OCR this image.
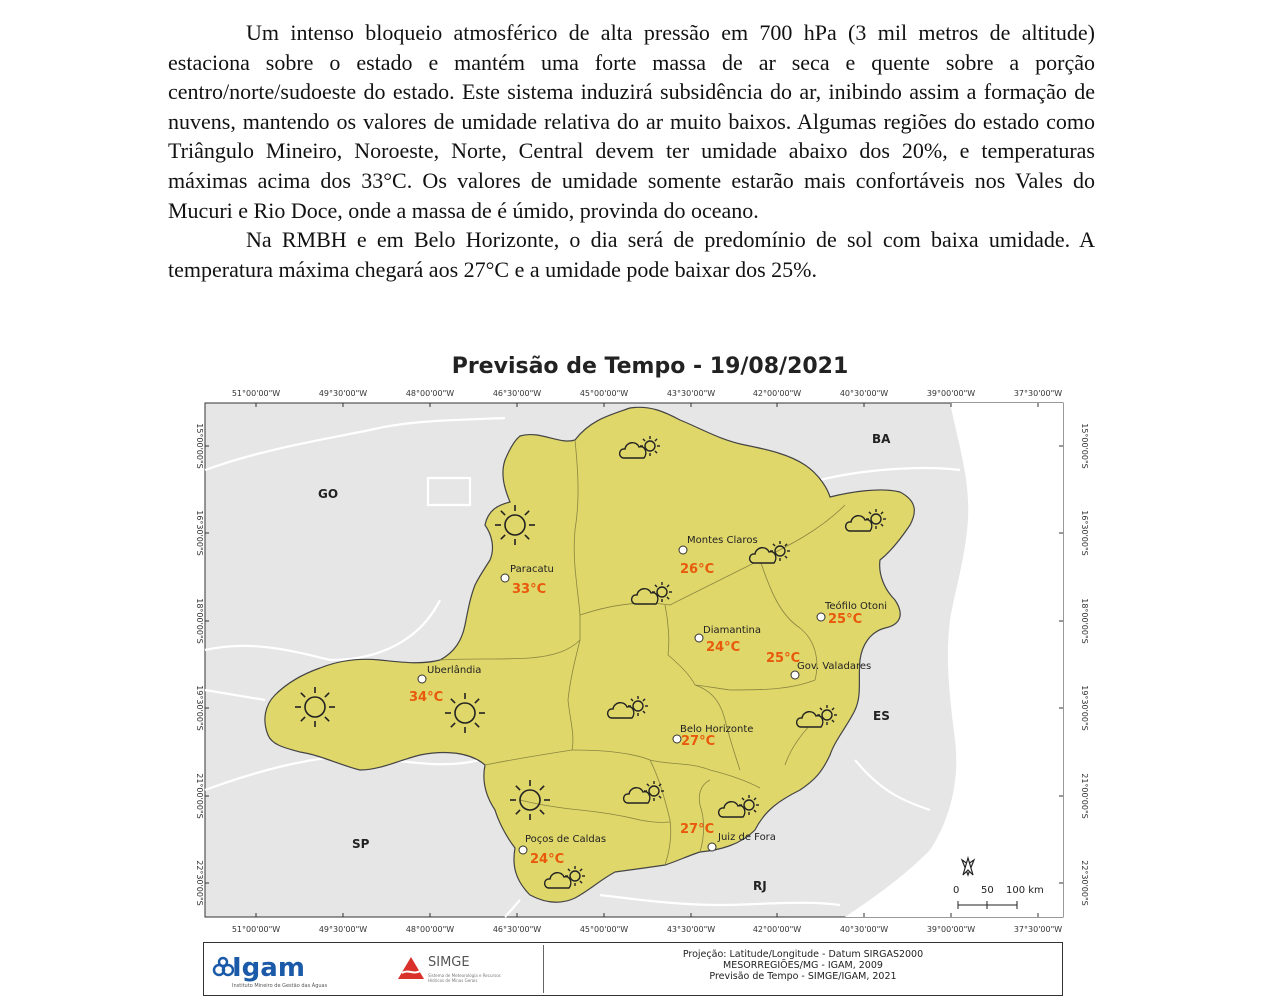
Um intenso bloqueio atmosférico de alta pressão em 700 hPa (3 mil metros de altitude) estaciona sobre o estado e mantém uma forte massa de ar seca e quente sobre a porção centro/norte/sudoeste do estado. Este sistema induzirá subsidência do ar, inibindo assim a formação de nuvens, mantendo os valores de umidade relativa do ar muito baixos. Algumas regiões do estado como Triângulo Mineiro, Noroeste, Norte, Central devem ter umidade abaixo dos 20%, e temperaturas máximas acima dos 33°C. Os valores de umidade somente estarão mais confortáveis nos Vales do Mucuri e Rio Doce, onde a massa de é úmido, provinda do oceano.

Na RMBH e em Belo Horizonte, o dia será de predomínio de sol com baixa umidade. A temperatura máxima chegará aos 27°C e a umidade pode baixar dos 25%.

Previsão de Tempo - 19/08/2021
51°00'00"W	49°30'00"W	48°00'00"W	46°30'00"W	45°00'00"W	43°30'00"W	42°00'00"W	40°30'00"W	39°00'00"W	37°30'00"W
51°00'00"W	49°30'00"W	48°00'00"W	46°30'00"W	45°00'00"W	43°30'00"W	42°00'00"W	40°30'00"W	39°00'00"W	37°30'00"W
15°00'00"S
16°30'00"S
18°00'00"S
19°30'00"S
21°00'00"S
22°30'00"S
15°00'00"S
16°30'00"S
18°00'00"S
19°30'00"S
21°00'00"S
22°30'00"S
BA
GO
ES
SP
RJ
Montes Claros
26°C
Paracatu
33°C
Teófilo Otoni
25°C
Diamantina
24°C
Gov. Valadares
25°C
Uberlândia
34°C
Belo Horizonte
27°C
Poços de Caldas
24°C
Juiz de Fora
27°C
0 50 100 km
Igam
Instituto Mineiro de Gestão das Águas
SIMGE
Sistema de Meteorologia e Recursos Hídricos de Minas Gerais
Projeção: Latitude/Longitude - Datum SIRGAS2000
MESORREGIÕES/MG - IGAM, 2009
Previsão de Tempo - SIMGE/IGAM, 2021
